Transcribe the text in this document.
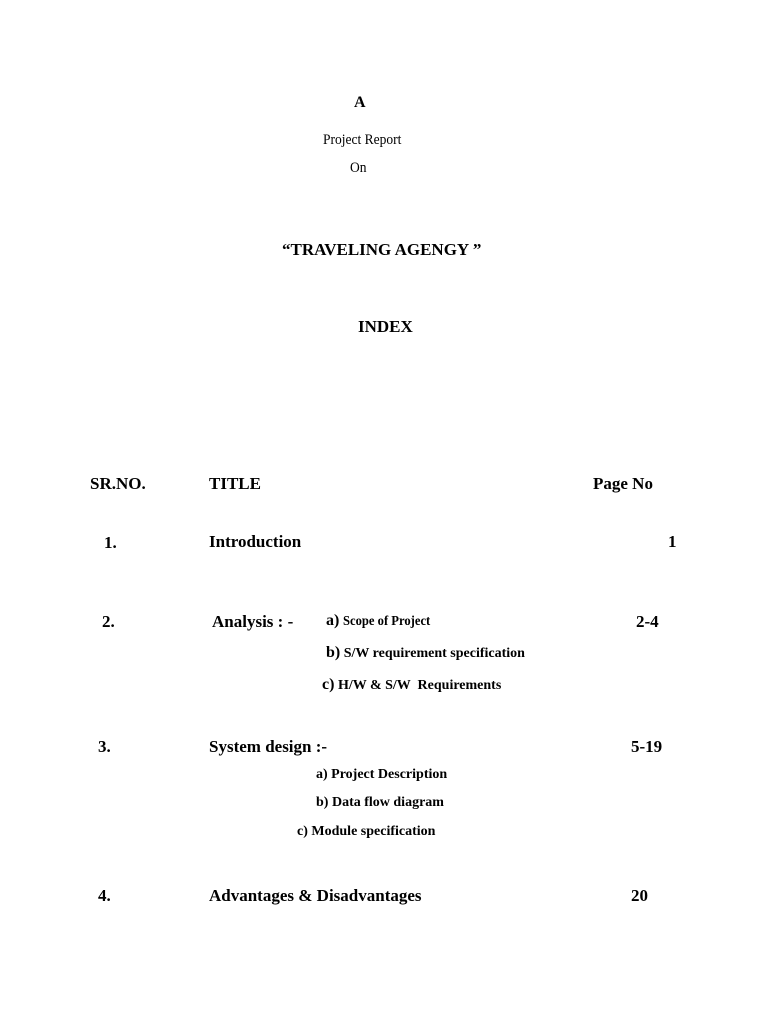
A
Project Report
On
“TRAVELING AGENGY ”
INDEX
SR.NO.	TITLE	Page No
1.	Introduction	1
2.	Analysis : -	2-4
a) Scope of Project
b) S/W requirement specification
c) H/W & S/W  Requirements
3.	System design :-	5-19
a) Project Description
b) Data flow diagram
c) Module specification
4.	Advantages & Disadvantages	20
